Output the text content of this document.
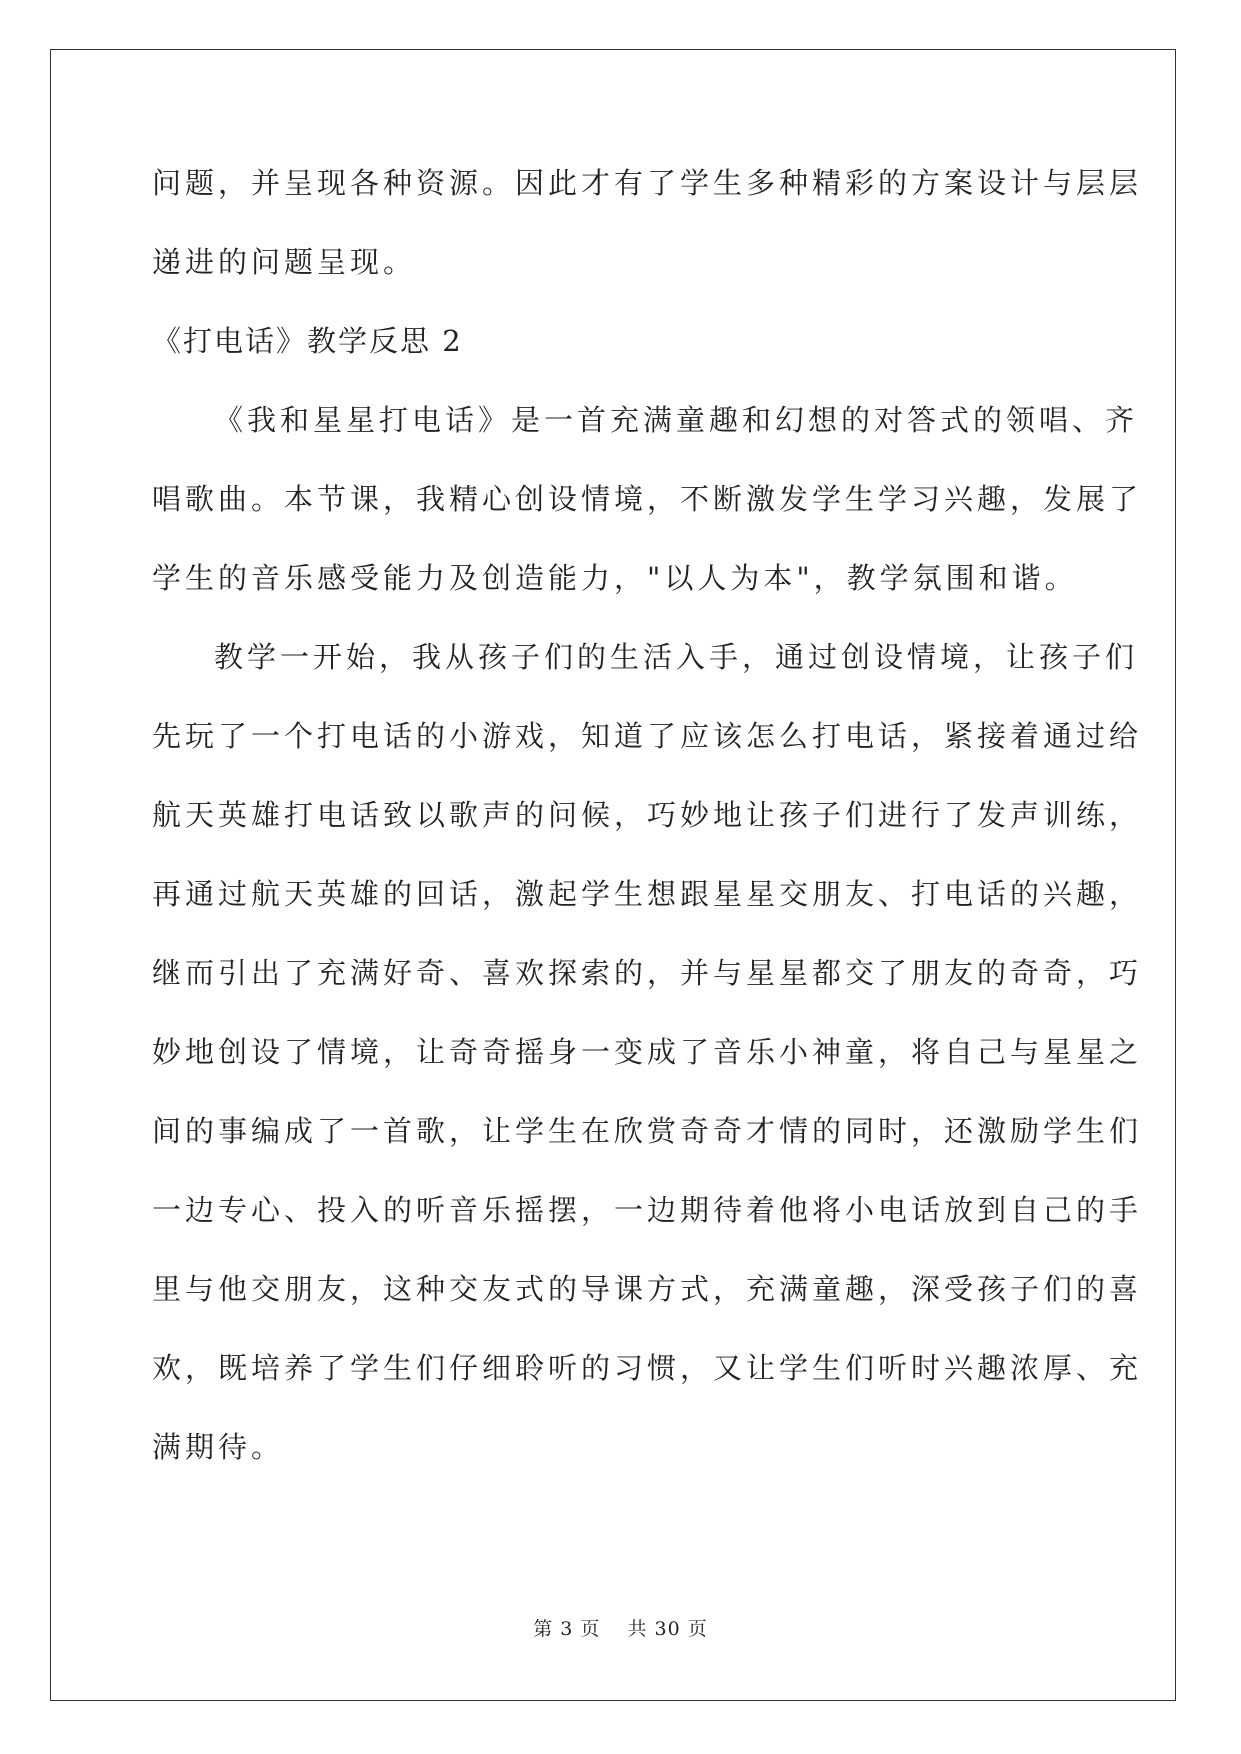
问题，并呈现各种资源。因此才有了学生多种精彩的方案设计与层层
递进的问题呈现。
《打电话》教学反思 2
《我和星星打电话》是一首充满童趣和幻想的对答式的领唱、齐
唱歌曲。本节课，我精心创设情境，不断激发学生学习兴趣，发展了
学生的音乐感受能力及创造能力，"以人为本"，教学氛围和谐。
教学一开始，我从孩子们的生活入手，通过创设情境，让孩子们
先玩了一个打电话的小游戏，知道了应该怎么打电话，紧接着通过给
航天英雄打电话致以歌声的问候，巧妙地让孩子们进行了发声训练，
再通过航天英雄的回话，激起学生想跟星星交朋友、打电话的兴趣，
继而引出了充满好奇、喜欢探索的，并与星星都交了朋友的奇奇，巧
妙地创设了情境，让奇奇摇身一变成了音乐小神童，将自己与星星之
间的事编成了一首歌，让学生在欣赏奇奇才情的同时，还激励学生们
一边专心、投入的听音乐摇摆，一边期待着他将小电话放到自己的手
里与他交朋友，这种交友式的导课方式，充满童趣，深受孩子们的喜
欢，既培养了学生们仔细聆听的习惯，又让学生们听时兴趣浓厚、充
满期待。
第 3 页 共 30 页
